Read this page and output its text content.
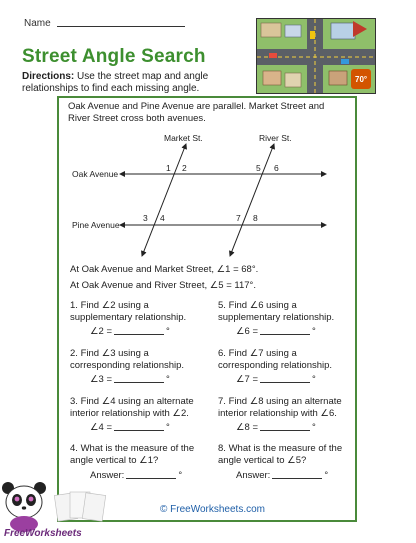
Name
Street Angle Search
Directions: Use the street map and angle relationships to find each missing angle.
70°
Oak Avenue and Pine Avenue are parallel. Market Street and River Street cross both avenues.
Market St.	River St.
Oak Avenue
Pine Avenue
1 2
3 4
5 6
7 8
At Oak Avenue and Market Street, ∠1 = 68°.
At Oak Avenue and River Street, ∠5 = 117°.
1. Find ∠2 using a supplementary relationship.
∠2 =	°
2. Find ∠3 using a corresponding relationship.
∠3 =	°
3. Find ∠4 using an alternate interior relationship with ∠2.
∠4 =	°
4. What is the measure of the angle vertical to ∠1?
Answer:	°
5. Find ∠6 using a supplementary relationship.
∠6 =	°
6. Find ∠7 using a corresponding relationship.
∠7 =	°
7. Find ∠8 using an alternate interior relationship with ∠6.
∠8 =	°
8. What is the measure of the angle vertical to ∠5?
Answer:	°
© FreeWorksheets.com
FreeWorksheets
